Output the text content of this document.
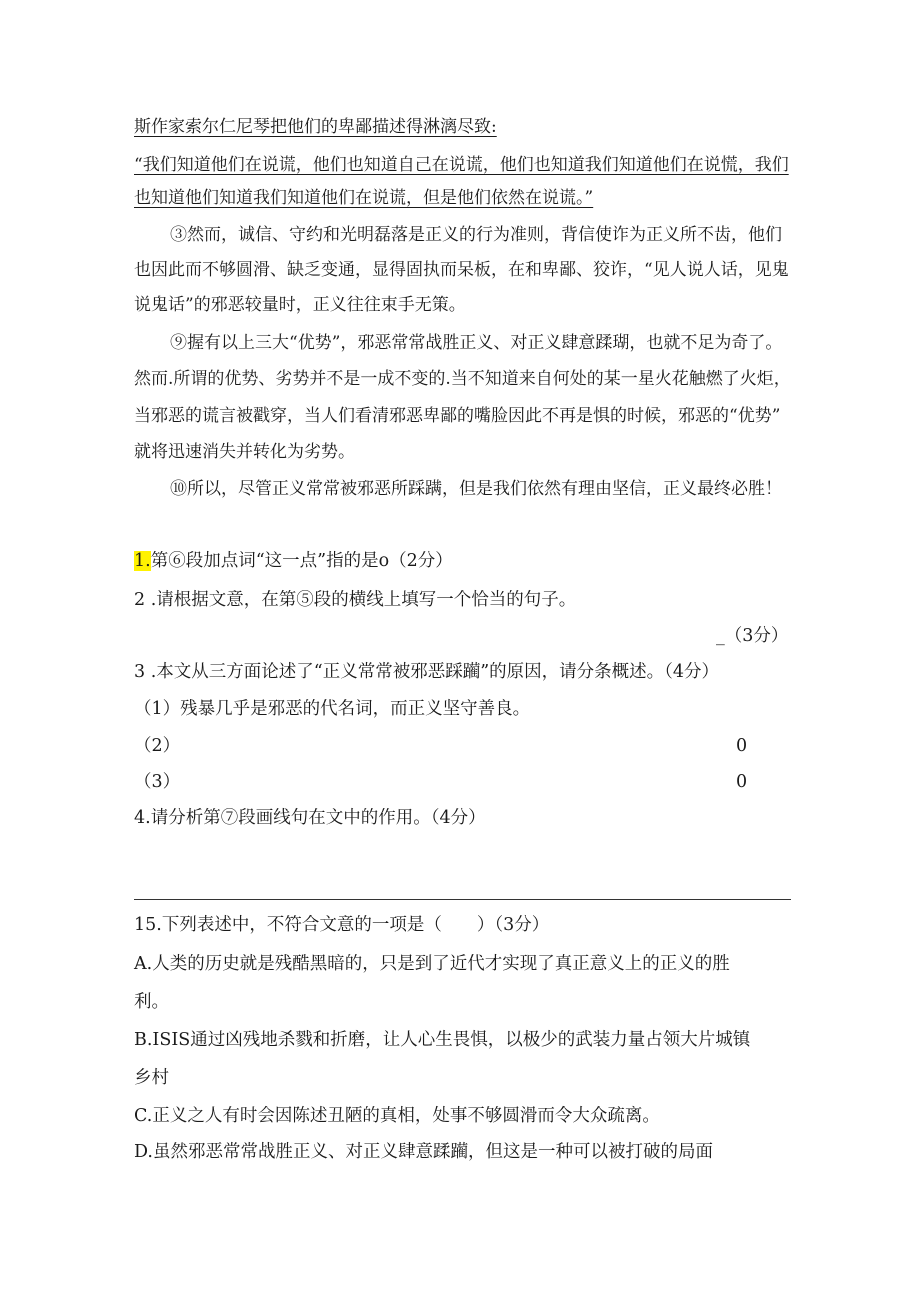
斯作家索尔仁尼琴把他们的卑鄙描述得淋漓尽致:
“我们知道他们在说谎，他们也知道自己在说谎，他们也知道我们知道他们在说慌，我们
也知道他们知道我们知道他们在说谎，但是他们依然在说谎。”
③然而，诚信、守约和光明磊落是正义的行为准则，背信使诈为正义所不齿，他们
也因此而不够圆滑、缺乏变通，显得固执而呆板，在和卑鄙、狡诈，“见人说人话，见鬼
说鬼话”的邪恶较量时，正义往往束手无策。
⑨握有以上三大“优势”，邪恶常常战胜正义、对正义肆意蹂瑚，也就不足为奇了。
然而.所谓的优势、劣势并不是一成不变的.当不知道来自何处的某一星火花触燃了火炬，
当邪恶的谎言被戳穿，当人们看清邪恶卑鄙的嘴脸因此不再是惧的时候，邪恶的“优势”
就将迅速消失并转化为劣势。
⑩所以，尽管正义常常被邪恶所踩蹒，但是我们依然有理由坚信，正义最终必胜！
1.第⑥段加点词“这一点”指的是o（2分）
2 .请根据文意，在第⑤段的横线上填写一个恰当的句子。
_（3分）
3 .本文从三方面论述了“正义常常被邪恶踩躏”的原因，请分条概述。（4分）
（1）残暴几乎是邪恶的代名词，而正义坚守善良。
（2）	0
（3）	0
4.请分析第⑦段画线句在文中的作用。（4分）
15.下列表述中，不符合文意的一项是（　　）（3分）
A.人类的历史就是残酷黑暗的，只是到了近代才实现了真正意义上的正义的胜
利。
B.ISIS通过凶残地杀戮和折磨，让人心生畏惧，以极少的武装力量占领大片城镇
乡村
C.正义之人有时会因陈述丑陋的真相，处事不够圆滑而令大众疏离。
D.虽然邪恶常常战胜正义、对正义肆意蹂躏，但这是一种可以被打破的局面
